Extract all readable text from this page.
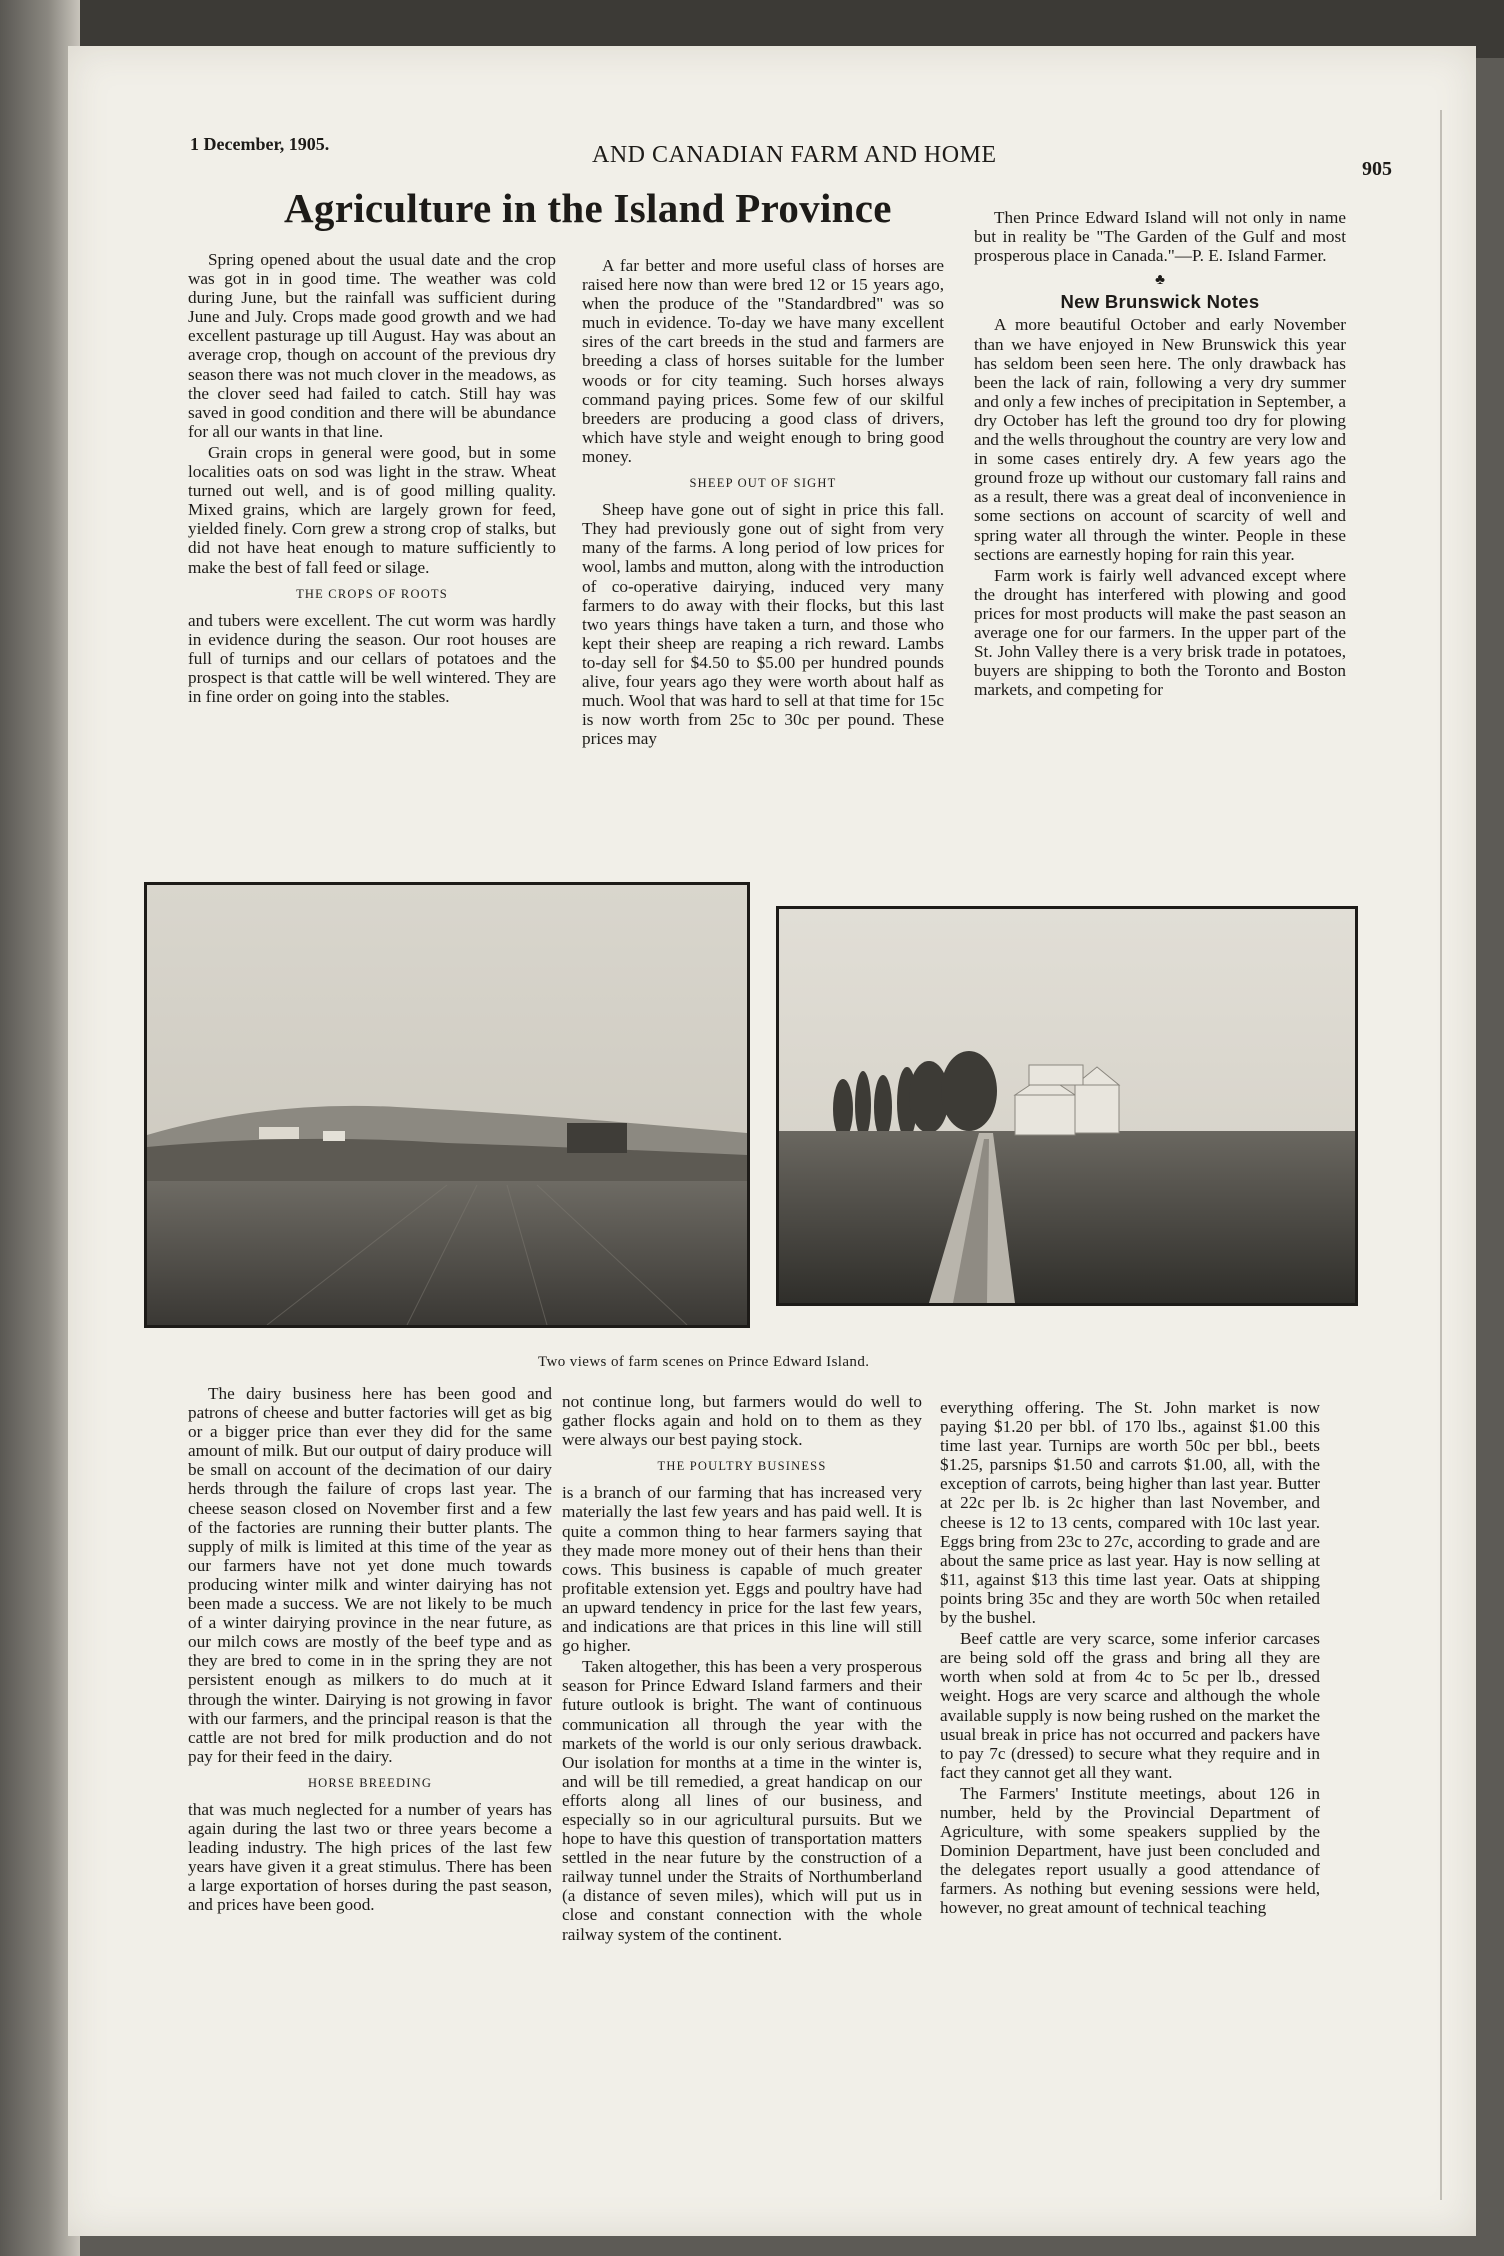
1 December, 1905.	AND CANADIAN FARM AND HOME
905
Agriculture in the Island Province

Spring opened about the usual date and the crop was got in in good time. The weather was cold during June, but the rainfall was sufficient during June and July. Crops made good growth and we had excellent pasturage up till August. Hay was about an average crop, though on account of the previous dry season there was not much clover in the meadows, as the clover seed had failed to catch. Still hay was saved in good condition and there will be abundance for all our wants in that line.

Grain crops in general were good, but in some localities oats on sod was light in the straw. Wheat turned out well, and is of good milling quality. Mixed grains, which are largely grown for feed, yielded finely. Corn grew a strong crop of stalks, but did not have heat enough to mature sufficiently to make the best of fall feed or silage.

THE CROPS OF ROOTS

and tubers were excellent. The cut worm was hardly in evidence during the season. Our root houses are full of turnips and our cellars of potatoes and the prospect is that cattle will be well wintered. They are in fine order on going into the stables.

A far better and more useful class of horses are raised here now than were bred 12 or 15 years ago, when the produce of the "Standardbred" was so much in evidence. To-day we have many excellent sires of the cart breeds in the stud and farmers are breeding a class of horses suitable for the lumber woods or for city teaming. Such horses always command paying prices. Some few of our skilful breeders are producing a good class of drivers, which have style and weight enough to bring good money.

SHEEP OUT OF SIGHT

Sheep have gone out of sight in price this fall. They had previously gone out of sight from very many of the farms. A long period of low prices for wool, lambs and mutton, along with the introduction of co-operative dairying, induced very many farmers to do away with their flocks, but this last two years things have taken a turn, and those who kept their sheep are reaping a rich reward. Lambs to-day sell for $4.50 to $5.00 per hundred pounds alive, four years ago they were worth about half as much. Wool that was hard to sell at that time for 15c is now worth from 25c to 30c per pound. These prices may

Then Prince Edward Island will not only in name but in reality be "The Garden of the Gulf and most prosperous place in Canada."—P. E. Island Farmer.

♣
New Brunswick Notes

A more beautiful October and early November than we have enjoyed in New Brunswick this year has seldom been seen here. The only drawback has been the lack of rain, following a very dry summer and only a few inches of precipitation in September, a dry October has left the ground too dry for plowing and the wells throughout the country are very low and in some cases entirely dry. A few years ago the ground froze up without our customary fall rains and as a result, there was a great deal of inconvenience in some sections on account of scarcity of well and spring water all through the winter. People in these sections are earnestly hoping for rain this year.

Farm work is fairly well advanced except where the drought has interfered with plowing and good prices for most products will make the past season an average one for our farmers. In the upper part of the St. John Valley there is a very brisk trade in potatoes, buyers are shipping to both the Toronto and Boston markets, and competing for

Two views of farm scenes on Prince Edward Island.

The dairy business here has been good and patrons of cheese and butter factories will get as big or a bigger price than ever they did for the same amount of milk. But our output of dairy produce will be small on account of the decimation of our dairy herds through the failure of crops last year. The cheese season closed on November first and a few of the factories are running their butter plants. The supply of milk is limited at this time of the year as our farmers have not yet done much towards producing winter milk and winter dairying has not been made a success. We are not likely to be much of a winter dairying province in the near future, as our milch cows are mostly of the beef type and as they are bred to come in in the spring they are not persistent enough as milkers to do much at it through the winter. Dairying is not growing in favor with our farmers, and the principal reason is that the cattle are not bred for milk production and do not pay for their feed in the dairy.

HORSE BREEDING

that was much neglected for a number of years has again during the last two or three years become a leading industry. The high prices of the last few years have given it a great stimulus. There has been a large exportation of horses during the past season, and prices have been good.

not continue long, but farmers would do well to gather flocks again and hold on to them as they were always our best paying stock.

THE POULTRY BUSINESS

is a branch of our farming that has increased very materially the last few years and has paid well. It is quite a common thing to hear farmers saying that they made more money out of their hens than their cows. This business is capable of much greater profitable extension yet. Eggs and poultry have had an upward tendency in price for the last few years, and indications are that prices in this line will still go higher.

Taken altogether, this has been a very prosperous season for Prince Edward Island farmers and their future outlook is bright. The want of continuous communication all through the year with the markets of the world is our only serious drawback. Our isolation for months at a time in the winter is, and will be till remedied, a great handicap on our efforts along all lines of our business, and especially so in our agricultural pursuits. But we hope to have this question of transportation matters settled in the near future by the construction of a railway tunnel under the Straits of Northumberland (a distance of seven miles), which will put us in close and constant connection with the whole railway system of the continent.

everything offering. The St. John market is now paying $1.20 per bbl. of 170 lbs., against $1.00 this time last year. Turnips are worth 50c per bbl., beets $1.25, parsnips $1.50 and carrots $1.00, all, with the exception of carrots, being higher than last year. Butter at 22c per lb. is 2c higher than last November, and cheese is 12 to 13 cents, compared with 10c last year. Eggs bring from 23c to 27c, according to grade and are about the same price as last year. Hay is now selling at $11, against $13 this time last year. Oats at shipping points bring 35c and they are worth 50c when retailed by the bushel.

Beef cattle are very scarce, some inferior carcases are being sold off the grass and bring all they are worth when sold at from 4c to 5c per lb., dressed weight. Hogs are very scarce and although the whole available supply is now being rushed on the market the usual break in price has not occurred and packers have to pay 7c (dressed) to secure what they require and in fact they cannot get all they want.

The Farmers' Institute meetings, about 126 in number, held by the Provincial Department of Agriculture, with some speakers supplied by the Dominion Department, have just been concluded and the delegates report usually a good attendance of farmers. As nothing but evening sessions were held, however, no great amount of technical teaching
